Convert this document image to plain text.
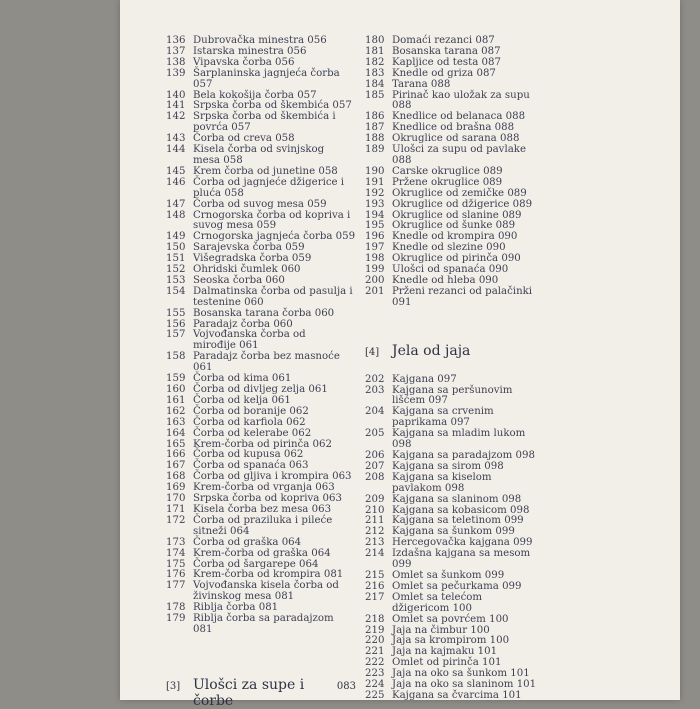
136 Dubrovačka minestra 056
137 Istarska minestra 056
138 Vipavska čorba 056
139 Šarplaninska jagnjeća čorba 057
140 Bela kokošija čorba 057
141 Srpska čorba od škembića 057
142 Srpska čorba od škembića i
povrća 057
143 Čorba od creva 058
144 Kisela čorba od svinjskog
mesa 058
145 Krem čorba od junetine 058
146 Čorba od jagnjeće džigerice i
pluća 058
147 Čorba od suvog mesa 059
148 Crnogorska čorba od kopriva i
suvog mesa 059
149 Crnogorska jagnjeća čorba 059
150 Sarajevska čorba 059
151 Višegradska čorba 059
152 Ohridski čumlek 060
153 Seoska čorba 060
154 Dalmatinska čorba od pasulja i
testenine 060
155 Bosanska tarana čorba 060
156 Paradajz čorba 060
157 Vojvođanska čorba od
mirođije 061
158 Paradajz čorba bez masnoće 061
159 Čorba od kima 061
160 Čorba od divljeg zelja 061
161 Čorba od kelja 061
162 Čorba od boranije 062
163 Čorba od karfiola 062
164 Čorba od kelerabe 062
165 Krem-čorba od pirinča 062
166 Čorba od kupusa 062
167 Čorba od spanaća 063
168 Čorba od gljiva i krompira 063
169 Krem-čorba od vrganja 063
170 Srpska čorba od kopriva 063
171 Kisela čorba bez mesa 063
172 Čorba od praziluka i pileće
sitneži 064
173 Čorba od graška 064
174 Krem-čorba od graška 064
175 Čorba od šargarepe 064
176 Krem-čorba od krompira 081
177 Vojvođanska kisela čorba od
živinskog mesa 081
178 Riblja čorba 081
179 Riblja čorba sa paradajzom 081
[3] Ulošci za supe i čorbe
083
180 Domaći rezanci 087
181 Bosanska tarana 087
182 Kapljice od testa 087
183 Knedle od griza 087
184 Tarana 088
185 Pirinač kao uložak za supu 088
186 Knedlice od belanaca 088
187 Knedlice od brašna 088
188 Okruglice od sarana 088
189 Ulošci za supu od pavlake 088
190 Carske okruglice 089
191 Pržene okruglice 089
192 Okruglice od zemičke 089
193 Okruglice od džigerice 089
194 Okruglice od slanine 089
195 Okruglice od šunke 089
196 Knedle od krompira 090
197 Knedle od slezine 090
198 Okruglice od pirinča 090
199 Ulošci od spanaća 090
200 Knedle od hleba 090
201 Prženi rezanci od palačinki 091
[4] Jela od jaja
202 Kajgana 097
203 Kajgana sa peršunovim
lišćem 097
204 Kajgana sa crvenim
paprikama 097
205 Kajgana sa mladim lukom 098
206 Kajgana sa paradajzom 098
207 Kajgana sa sirom 098
208 Kajgana sa kiselom
pavlakom 098
209 Kajgana sa slaninom 098
210 Kajgana sa kobasicom 098
211 Kajgana sa teletinom 099
212 Kajgana sa šunkom 099
213 Hercegovačka kajgana 099
214 Izdašna kajgana sa mesom 099
215 Omlet sa šunkom 099
216 Omlet sa pečurkama 099
217 Omlet sa telećom
džigericom 100
218 Omlet sa povrćem 100
219 Jaja na čimbur 100
220 Jaja sa krompirom 100
221 Jaja na kajmaku 101
222 Omlet od pirinča 101
223 Jaja na oko sa šunkom 101
224 Jaja na oko sa slaninom 101
225 Kajgana sa čvarcima 101
